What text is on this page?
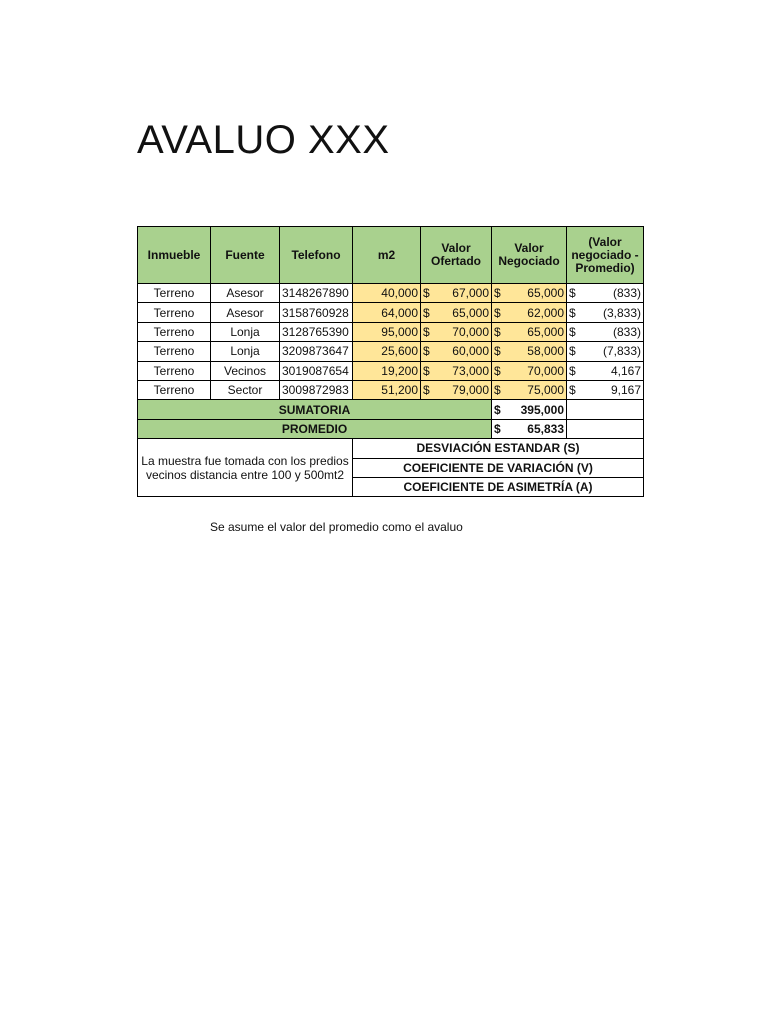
AVALUO XXX
Inmueble	Fuente	Telefono	m2	Valor Ofertado	Valor Negociado	(Valor negociado - Promedio)
Terreno	Asesor	3148267890	40,000	$ 67,000	$ 65,000	$ (833)

Terreno	Asesor	3158760928	64,000	$ 65,000	$ 62,000	$ (3,833)

Terreno	Lonja	3128765390	95,000	$ 70,000	$ 65,000	$ (833)

Terreno	Lonja	3209873647	25,600	$ 60,000	$ 58,000	$ (7,833)

Terreno	Vecinos	3019087654	19,200	$ 73,000	$ 70,000	$ 4,167

Terreno	Sector	3009872983	51,200	$ 79,000	$ 75,000	$ 9,167

SUMATORIA					$ 395,000	

PROMEDIO					$ 65,833	

La muestra fue tomada con los predios vecinos distancia entre 100 y 500mt2			DESVIACIÓN ESTANDAR (S)			
			COEFICIENTE DE VARIACIÓN (V)			
			COEFICIENTE DE ASIMETRÍA (A)			

Se asume el valor del promedio como el avaluo
